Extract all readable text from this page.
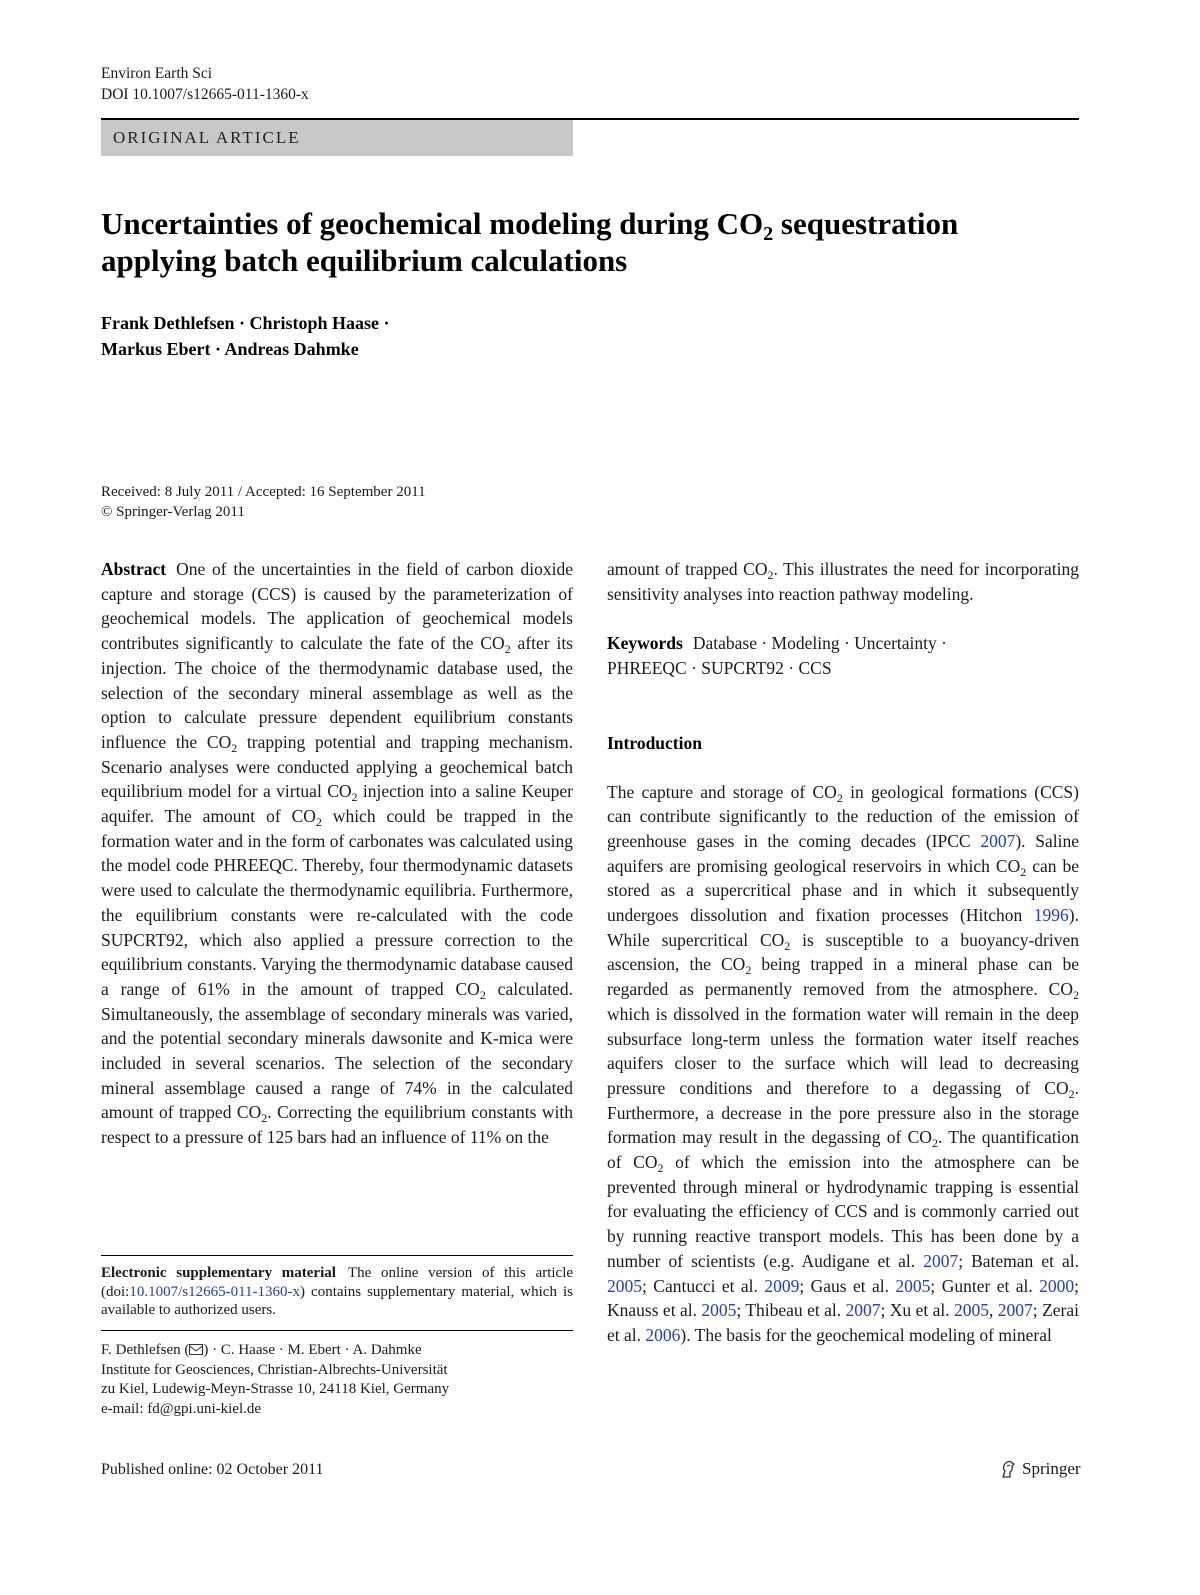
Environ Earth Sci
DOI 10.1007/s12665-011-1360-x
ORIGINAL ARTICLE
Uncertainties of geochemical modeling during $CO_2$ sequestration applying batch equilibrium calculations
Frank Dethlefsen · Christoph Haase ·
Markus Ebert · Andreas Dahmke
Received: 8 July 2011 / Accepted: 16 September 2011
© Springer-Verlag 2011

Abstract One of the uncertainties in the field of carbon dioxide capture and storage (CCS) is caused by the parameterization of geochemical models. The application of geochemical models contributes significantly to calculate the fate of the $CO_2$ after its injection. The choice of the thermodynamic database used, the selection of the secondary mineral assemblage as well as the option to calculate pressure dependent equilibrium constants influence the $CO_2$ trapping potential and trapping mechanism. Scenario analyses were conducted applying a geochemical batch equilibrium model for a virtual $CO_2$ injection into a saline Keuper aquifer. The amount of $CO_2$ which could be trapped in the formation water and in the form of carbonates was calculated using the model code PHREEQC. Thereby, four thermodynamic datasets were used to calculate the thermodynamic equilibria. Furthermore, the equilibrium constants were re-calculated with the code SUPCRT92, which also applied a pressure correction to the equilibrium constants. Varying the thermodynamic database caused a range of 61% in the amount of trapped $CO_2$ calculated. Simultaneously, the assemblage of secondary minerals was varied, and the potential secondary minerals dawsonite and K-mica were included in several scenarios. The selection of the secondary mineral assemblage caused a range of 74% in the calculated amount of trapped $CO_2$. Correcting the equilibrium constants with respect to a pressure of 125 bars had an influence of 11% on the

Electronic supplementary material The online version of this article (doi:10.1007/s12665-011-1360-x) contains supplementary material, which is available to authorized users.
F. Dethlefsen ( ) · C. Haase · M. Ebert · A. Dahmke
Institute for Geosciences, Christian-Albrechts-Universität
zu Kiel, Ludewig-Meyn-Strasse 10, 24118 Kiel, Germany
e-mail: fd@gpi.uni-kiel.de

amount of trapped $CO_2$. This illustrates the need for incorporating sensitivity analyses into reaction pathway modeling.

Keywords Database · Modeling · Uncertainty ·
PHREEQC · SUPCRT92 · CCS

Introduction

The capture and storage of $CO_2$ in geological formations (CCS) can contribute significantly to the reduction of the emission of greenhouse gases in the coming decades (IPCC 2007). Saline aquifers are promising geological reservoirs in which $CO_2$ can be stored as a supercritical phase and in which it subsequently undergoes dissolution and fixation processes (Hitchon 1996). While supercritical $CO_2$ is susceptible to a buoyancy-driven ascension, the $CO_2$ being trapped in a mineral phase can be regarded as permanently removed from the atmosphere. $CO_2$ which is dissolved in the formation water will remain in the deep subsurface long-term unless the formation water itself reaches aquifers closer to the surface which will lead to decreasing pressure conditions and therefore to a degassing of $CO_2$. Furthermore, a decrease in the pore pressure also in the storage formation may result in the degassing of $CO_2$. The quantification of $CO_2$ of which the emission into the atmosphere can be prevented through mineral or hydrodynamic trapping is essential for evaluating the efficiency of CCS and is commonly carried out by running reactive transport models. This has been done by a number of scientists (e.g. Audigane et al. 2007; Bateman et al. 2005; Cantucci et al. 2009; Gaus et al. 2005; Gunter et al. 2000; Knauss et al. 2005; Thibeau et al. 2007; Xu et al. 2005, 2007; Zerai et al. 2006). The basis for the geochemical modeling of mineral

Published online: 02 October 2011	Springer
